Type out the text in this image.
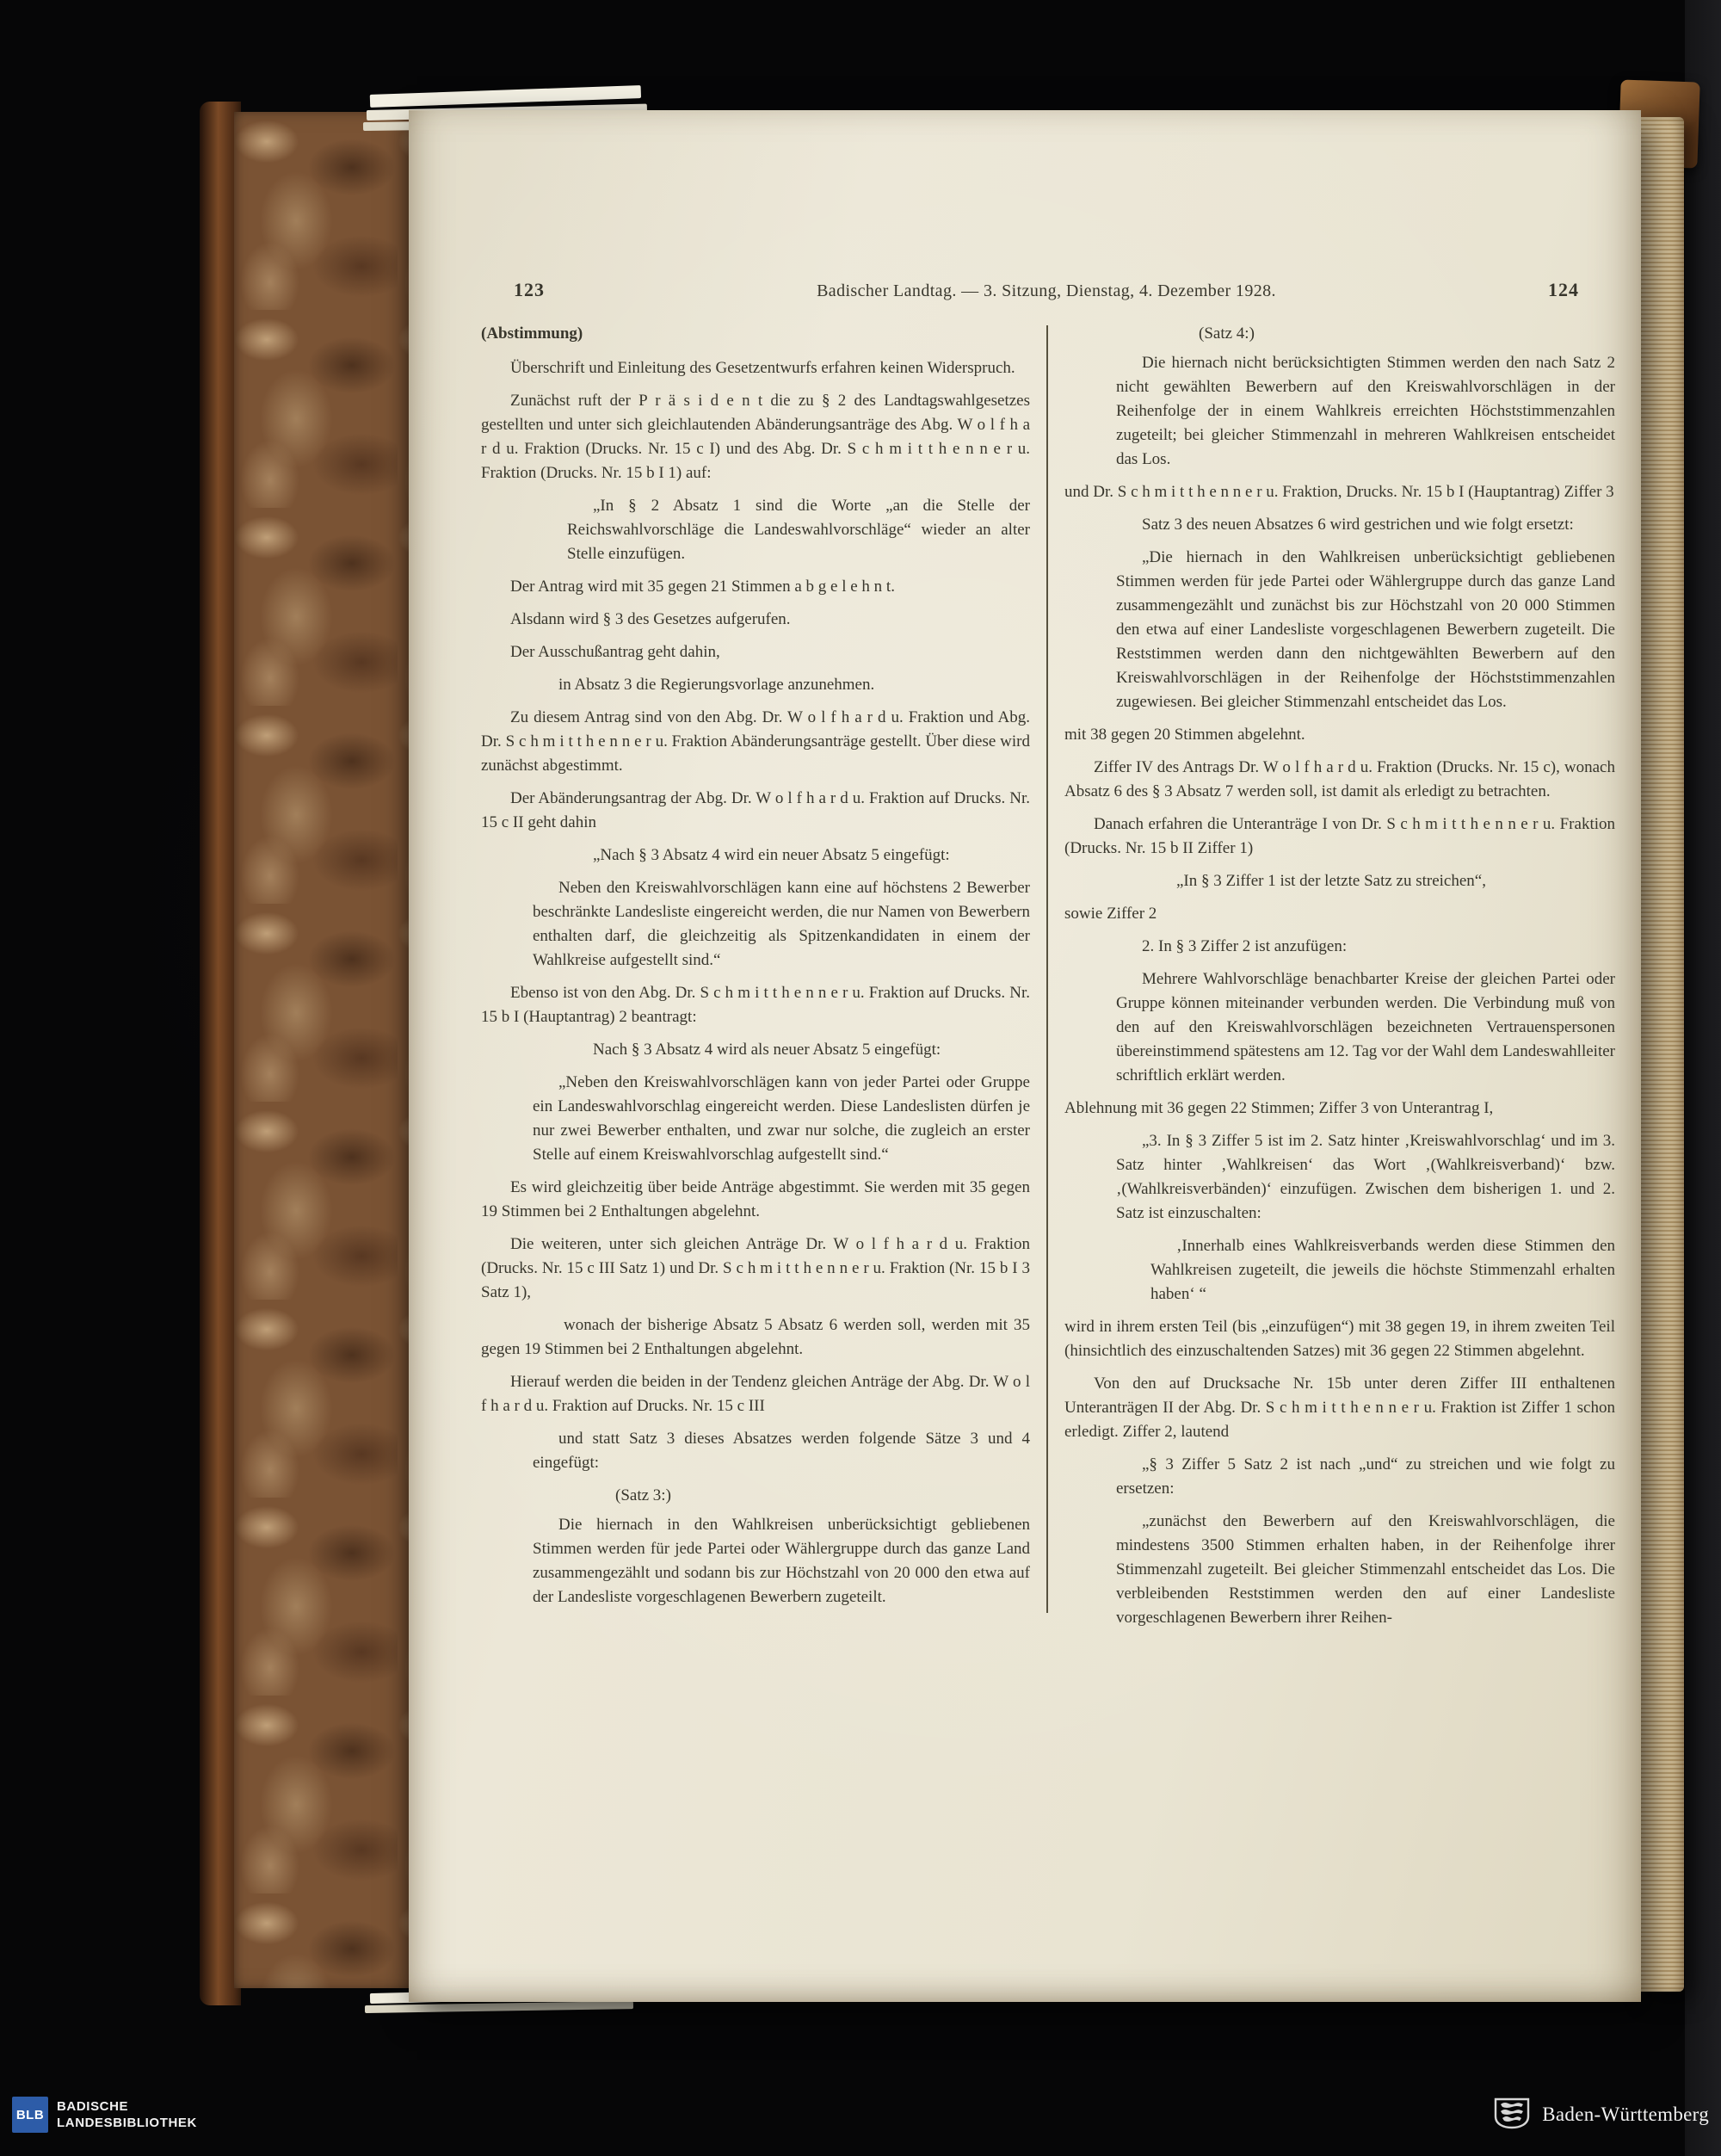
123	Badischer Landtag. — 3. Sitzung, Dienstag, 4. Dezember 1928.	124
(Abstimmung)
Überschrift und Einleitung des Gesetzentwurfs erfahren keinen Widerspruch.
Zunächst ruft der P r ä s i d e n t die zu § 2 des Landtagswahlgesetzes gestellten und unter sich gleichlautenden Abänderungsanträge des Abg. W o l f h a r d u. Fraktion (Drucks. Nr. 15 c I) und des Abg. Dr. S c h m i t t h e n n e r u. Fraktion (Drucks. Nr. 15 b I 1) auf:
„In § 2 Absatz 1 sind die Worte „an die Stelle der Reichswahlvorschläge die Landeswahlvorschläge“ wieder an alter Stelle einzufügen.
Der Antrag wird mit 35 gegen 21 Stimmen a b g e l e h n t.
Alsdann wird § 3 des Gesetzes aufgerufen.
Der Ausschußantrag geht dahin,
in Absatz 3 die Regierungsvorlage anzunehmen.
Zu diesem Antrag sind von den Abg. Dr. W o l f h a r d u. Fraktion und Abg. Dr. S c h m i t t h e n n e r u. Fraktion Abänderungsanträge gestellt. Über diese wird zunächst abgestimmt.
Der Abänderungsantrag der Abg. Dr. W o l f h a r d u. Fraktion auf Drucks. Nr. 15 c II geht dahin
„Nach § 3 Absatz 4 wird ein neuer Absatz 5 eingefügt:
Neben den Kreiswahlvorschlägen kann eine auf höchstens 2 Bewerber beschränkte Landesliste eingereicht werden, die nur Namen von Bewerbern enthalten darf, die gleichzeitig als Spitzenkandidaten in einem der Wahlkreise aufgestellt sind.“
Ebenso ist von den Abg. Dr. S c h m i t t h e n n e r u. Fraktion auf Drucks. Nr. 15 b I (Hauptantrag) 2 beantragt:
Nach § 3 Absatz 4 wird als neuer Absatz 5 eingefügt:
„Neben den Kreiswahlvorschlägen kann von jeder Partei oder Gruppe ein Landeswahlvorschlag eingereicht werden. Diese Landeslisten dürfen je nur zwei Bewerber enthalten, und zwar nur solche, die zugleich an erster Stelle auf einem Kreiswahlvorschlag aufgestellt sind.“
Es wird gleichzeitig über beide Anträge abgestimmt. Sie werden mit 35 gegen 19 Stimmen bei 2 Enthaltungen abgelehnt.
Die weiteren, unter sich gleichen Anträge Dr. W o l f h a r d u. Fraktion (Drucks. Nr. 15 c III Satz 1) und Dr. S c h m i t t h e n n e r u. Fraktion (Nr. 15 b I 3 Satz 1),
wonach der bisherige Absatz 5 Absatz 6 werden soll, werden mit 35 gegen 19 Stimmen bei 2 Enthaltungen abgelehnt.
Hierauf werden die beiden in der Tendenz gleichen Anträge der Abg. Dr. W o l f h a r d u. Fraktion auf Drucks. Nr. 15 c III
und statt Satz 3 dieses Absatzes werden folgende Sätze 3 und 4 eingefügt:
(Satz 3:)
Die hiernach in den Wahlkreisen unberücksichtigt gebliebenen Stimmen werden für jede Partei oder Wählergruppe durch das ganze Land zusammengezählt und sodann bis zur Höchstzahl von 20 000 den etwa auf der Landesliste vorgeschlagenen Bewerbern zugeteilt.
(Satz 4:)
Die hiernach nicht berücksichtigten Stimmen werden den nach Satz 2 nicht gewählten Bewerbern auf den Kreiswahlvorschlägen in der Reihenfolge der in einem Wahlkreis erreichten Höchststimmenzahlen zugeteilt; bei gleicher Stimmenzahl in mehreren Wahlkreisen entscheidet das Los.
und Dr. S c h m i t t h e n n e r u. Fraktion, Drucks. Nr. 15 b I (Hauptantrag) Ziffer 3
Satz 3 des neuen Absatzes 6 wird gestrichen und wie folgt ersetzt:
„Die hiernach in den Wahlkreisen unberücksichtigt gebliebenen Stimmen werden für jede Partei oder Wählergruppe durch das ganze Land zusammengezählt und zunächst bis zur Höchstzahl von 20 000 Stimmen den etwa auf einer Landesliste vorgeschlagenen Bewerbern zugeteilt. Die Reststimmen werden dann den nichtgewählten Bewerbern auf den Kreiswahlvorschlägen in der Reihenfolge der Höchststimmenzahlen zugewiesen. Bei gleicher Stimmenzahl entscheidet das Los.
mit 38 gegen 20 Stimmen abgelehnt.
Ziffer IV des Antrags Dr. W o l f h a r d u. Fraktion (Drucks. Nr. 15 c), wonach Absatz 6 des § 3 Absatz 7 werden soll, ist damit als erledigt zu betrachten.
Danach erfahren die Unteranträge I von Dr. S c h m i t t h e n n e r u. Fraktion (Drucks. Nr. 15 b II Ziffer 1)
„In § 3 Ziffer 1 ist der letzte Satz zu streichen“,
sowie Ziffer 2
2. In § 3 Ziffer 2 ist anzufügen:
Mehrere Wahlvorschläge benachbarter Kreise der gleichen Partei oder Gruppe können miteinander verbunden werden. Die Verbindung muß von den auf den Kreiswahlvorschlägen bezeichneten Vertrauenspersonen übereinstimmend spätestens am 12. Tag vor der Wahl dem Landeswahlleiter schriftlich erklärt werden.
Ablehnung mit 36 gegen 22 Stimmen; Ziffer 3 von Unterantrag I,
„3. In § 3 Ziffer 5 ist im 2. Satz hinter ‚Kreiswahlvorschlag‘ und im 3. Satz hinter ‚Wahlkreisen‘ das Wort ‚(Wahlkreisverband)‘ bzw. ‚(Wahlkreisverbänden)‘ einzufügen. Zwischen dem bisherigen 1. und 2. Satz ist einzuschalten:
‚Innerhalb eines Wahlkreisverbands werden diese Stimmen den Wahlkreisen zugeteilt, die jeweils die höchste Stimmenzahl erhalten haben‘ “
wird in ihrem ersten Teil (bis „einzufügen“) mit 38 gegen 19, in ihrem zweiten Teil (hinsichtlich des einzuschaltenden Satzes) mit 36 gegen 22 Stimmen abgelehnt.
Von den auf Drucksache Nr. 15b unter deren Ziffer III enthaltenen Unteranträgen II der Abg. Dr. S c h m i t t h e n n e r u. Fraktion ist Ziffer 1 schon erledigt. Ziffer 2, lautend
„§ 3 Ziffer 5 Satz 2 ist nach „und“ zu streichen und wie folgt zu ersetzen:
„zunächst den Bewerbern auf den Kreiswahlvorschlägen, die mindestens 3500 Stimmen erhalten haben, in der Reihenfolge ihrer Stimmenzahl zugeteilt. Bei gleicher Stimmenzahl entscheidet das Los. Die verbleibenden Reststimmen werden den auf einer Landesliste vorgeschlagenen Bewerbern ihrer Reihen-
BLB
BADISCHE
LANDESBIBLIOTHEK	Baden-Württemberg
